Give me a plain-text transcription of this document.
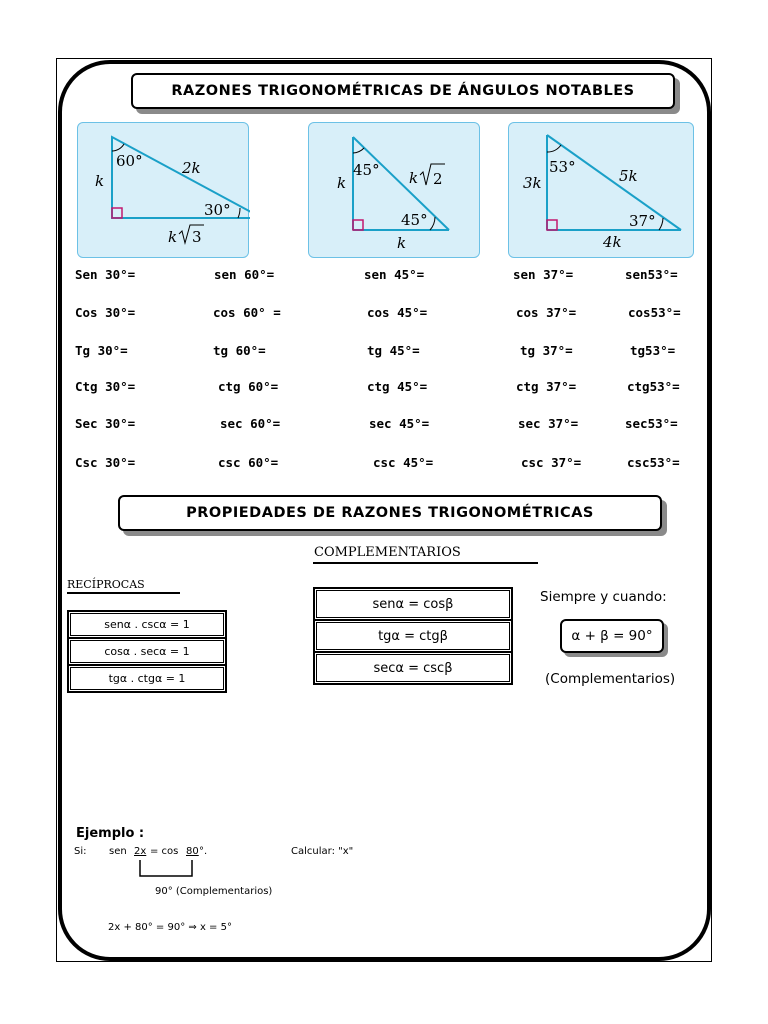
RAZONES TRIGONOMÉTRICAS DE ÁNGULOS NOTABLES
60°
30°
k
2k
k 3
45°
45°
k	k 2
k
53°
37°
3k	5k
4k
Sen 30°=	sen 60°=	sen 45°=	sen 37°=	sen53°=
Cos 30°=	cos 60° =	cos 45°=	cos 37°=	cos53°=
Tg 30°=	tg 60°=	tg 45°=	tg 37°=	tg53°=
Ctg 30°=	ctg 60°=	ctg 45°=	ctg 37°=	ctg53°=
Sec 30°=	sec 60°=	sec 45°=	sec 37°=	sec53°=
Csc 30°=	csc 60°=	csc 45°=	csc 37°=	csc53°=
PROPIEDADES DE RAZONES TRIGONOMÉTRICAS
COMPLEMENTARIOS
RECÍPROCAS
senα . cscα = 1
cosα . secα = 1
tgα . ctgα = 1
senα = cosβ
tgα = ctgβ
secα = cscβ
Siempre y cuando:
α + β = 90°
(Complementarios)
Ejemplo :
Si: sen 2x = cos 80 °.	Calcular: "x"
90° (Complementarios)
2x + 80° = 90° ⇒ x = 5°
